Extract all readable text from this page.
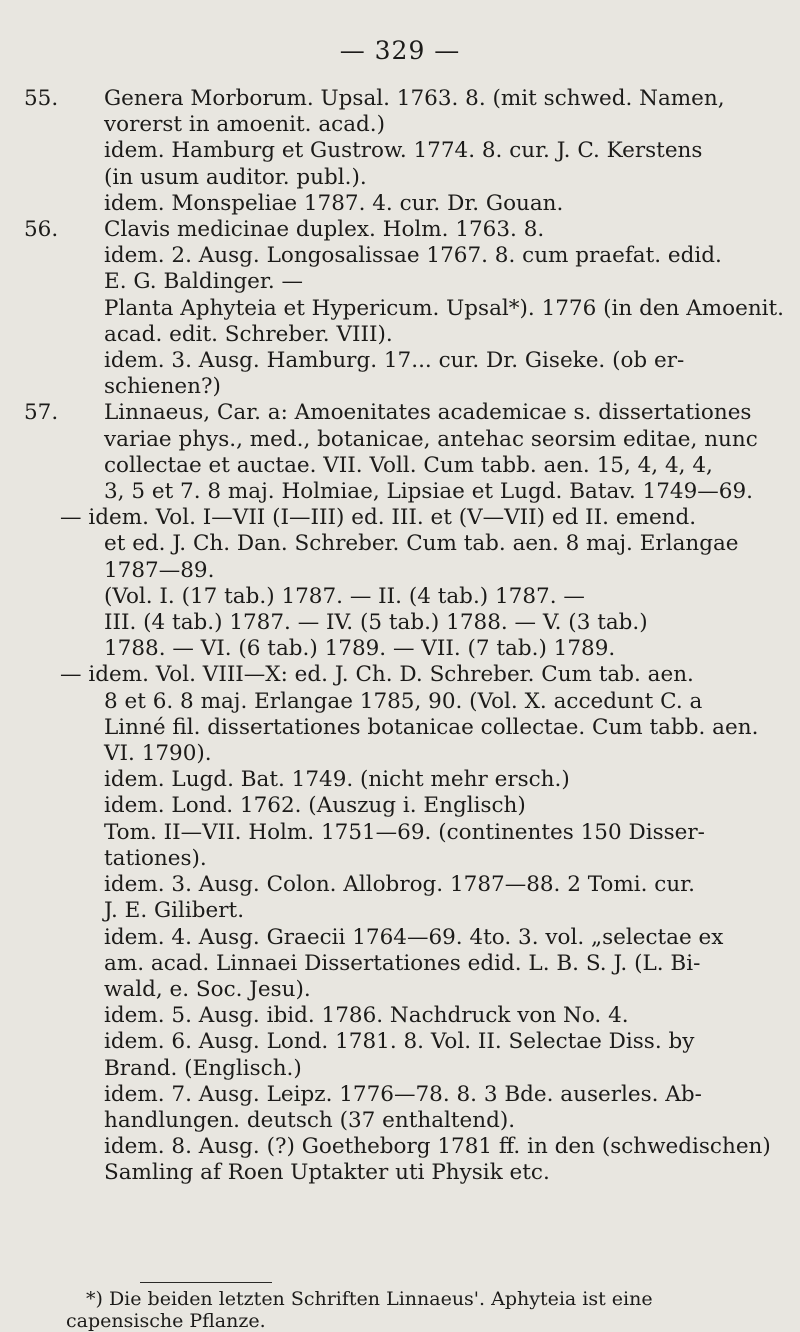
— 329 —
55. Genera Morborum. Upsal. 1763. 8. (mit schwed. Namen,
vorerst in amoenit. acad.)
idem. Hamburg et Gustrow. 1774. 8. cur. J. C. Kerstens
(in usum auditor. publ.).
idem. Monspeliae 1787. 4. cur. Dr. Gouan.
56. Clavis medicinae duplex. Holm. 1763. 8.
idem. 2. Ausg. Longosalissae 1767. 8. cum praefat. edid.
E. G. Baldinger. —
Planta Aphyteia et Hypericum. Upsal*). 1776 (in den Amoenit.
acad. edit. Schreber. VIII).
idem. 3. Ausg. Hamburg. 17... cur. Dr. Giseke. (ob er-
schienen?)
57. Linnaeus, Car. a: Amoenitates academicae s. dissertationes
variae phys., med., botanicae, antehac seorsim editae, nunc
collectae et auctae. VII. Voll. Cum tabb. aen. 15, 4, 4, 4,
3, 5 et 7. 8 maj. Holmiae, Lipsiae et Lugd. Batav. 1749—69.
— idem. Vol. I—VII (I—III) ed. III. et (V—VII) ed II. emend.
et ed. J. Ch. Dan. Schreber. Cum tab. aen. 8 maj. Erlangae
1787—89.
(Vol. I. (17 tab.) 1787. — II. (4 tab.) 1787. —
III. (4 tab.) 1787. — IV. (5 tab.) 1788. — V. (3 tab.)
1788. — VI. (6 tab.) 1789. — VII. (7 tab.) 1789.
— idem. Vol. VIII—X: ed. J. Ch. D. Schreber. Cum tab. aen.
8 et 6. 8 maj. Erlangae 1785, 90. (Vol. X. accedunt C. a
Linné fil. dissertationes botanicae collectae. Cum tabb. aen.
VI. 1790).
idem. Lugd. Bat. 1749. (nicht mehr ersch.)
idem. Lond. 1762. (Auszug i. Englisch)
Tom. II—VII. Holm. 1751—69. (continentes 150 Disser-
tationes).
idem. 3. Ausg. Colon. Allobrog. 1787—88. 2 Tomi. cur.
J. E. Gilibert.
idem. 4. Ausg. Graecii 1764—69. 4to. 3. vol. „selectae ex
am. acad. Linnaei Dissertationes edid. L. B. S. J. (L. Bi-
wald, e. Soc. Jesu).
idem. 5. Ausg. ibid. 1786. Nachdruck von No. 4.
idem. 6. Ausg. Lond. 1781. 8. Vol. II. Selectae Diss. by
Brand. (Englisch.)
idem. 7. Ausg. Leipz. 1776—78. 8. 3 Bde. auserles. Ab-
handlungen. deutsch (37 enthaltend).
idem. 8. Ausg. (?) Goetheborg 1781 ff. in den (schwedischen)
Samling af Roen Uptakter uti Physik etc.
*) Die beiden letzten Schriften Linnaeus'. Aphyteia ist eine
capensische Pflanze.
